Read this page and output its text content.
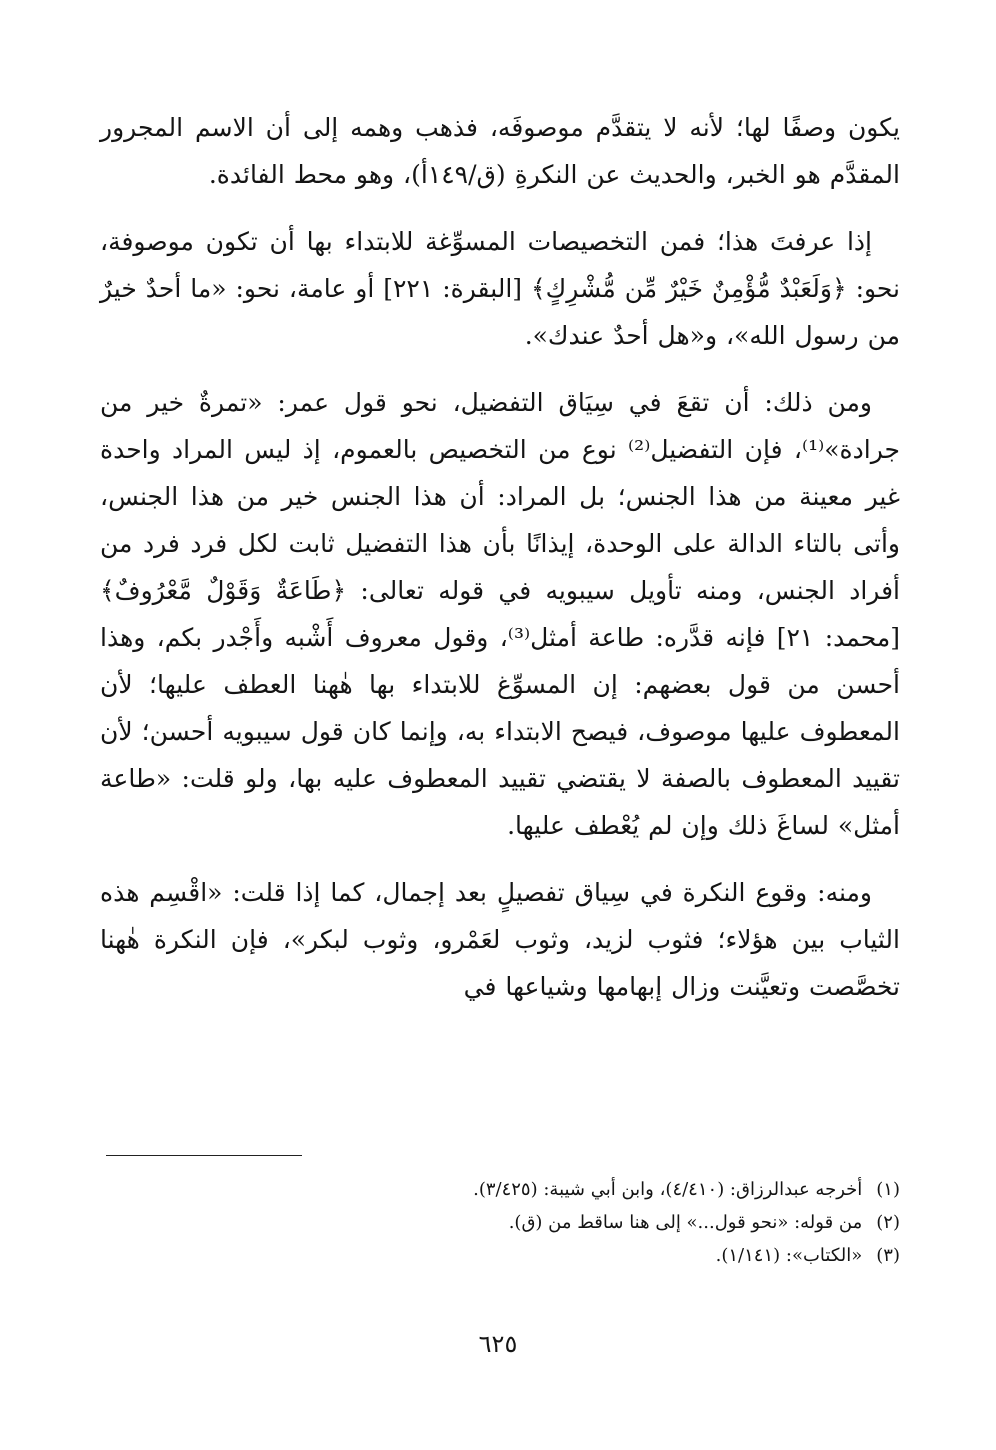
يكون وصفًا لها؛ لأنه لا يتقدَّم موصوفَه، فذهب وهمه إلى أن الاسم المجرور المقدَّم هو الخبر، والحديث عن النكرةِ (ق/١٤٩أ)، وهو محط الفائدة.

إذا عرفتَ هذا؛ فمن التخصيصات المسوِّغة للابتداء بها أن تكون موصوفة، نحو: ﴿وَلَعَبْدٌ مُّؤْمِنٌ خَيْرٌ مِّن مُّشْرِكٍ﴾ [البقرة: ٢٢١] أو عامة، نحو: «ما أحدٌ خيرٌ من رسول الله»، و«هل أحدٌ عندك».

ومن ذلك: أن تقعَ في سِيَاق التفضيل، نحو قول عمر: «تمرةٌ خير من جرادة»⁽¹⁾، فإن التفضيل⁽²⁾ نوع من التخصيص بالعموم، إذ ليس المراد واحدة غير معينة من هذا الجنس؛ بل المراد: أن هذا الجنس خير من هذا الجنس، وأتى بالتاء الدالة على الوحدة، إيذانًا بأن هذا التفضيل ثابت لكل فرد فرد من أفراد الجنس، ومنه تأويل سيبويه في قوله تعالى: ﴿طَاعَةٌ وَقَوْلٌ مَّعْرُوفٌ﴾ [محمد: ٢١] فإنه قدَّره: طاعة أمثل⁽³⁾، وقول معروف أَشْبه وأَجْدر بكم، وهذا أحسن من قول بعضهم: إن المسوِّغ للابتداء بها هٰهنا العطف عليها؛ لأن المعطوف عليها موصوف، فيصح الابتداء به، وإنما كان قول سيبويه أحسن؛ لأن تقييد المعطوف بالصفة لا يقتضي تقييد المعطوف عليه بها، ولو قلت: «طاعة أمثل» لساغَ ذلك وإن لم يُعْطف عليها.

ومنه: وقوع النكرة في سِياق تفصيلٍ بعد إجمال، كما إذا قلت: «اقْسِم هذه الثياب بين هؤلاء؛ فثوب لزيد، وثوب لعَمْرو، وثوب لبكر»، فإن النكرة هٰهنا تخصَّصت وتعيَّنت وزال إبهامها وشياعها في

(١)أخرجه عبدالرزاق: (٤/٤١٠)، وابن أبي شيبة: (٣/٤٢٥).

(٢)من قوله: «نحو قول...» إلى هنا ساقط من (ق).

(٣)«الكتاب»: (١/١٤١).

٦٢٥
